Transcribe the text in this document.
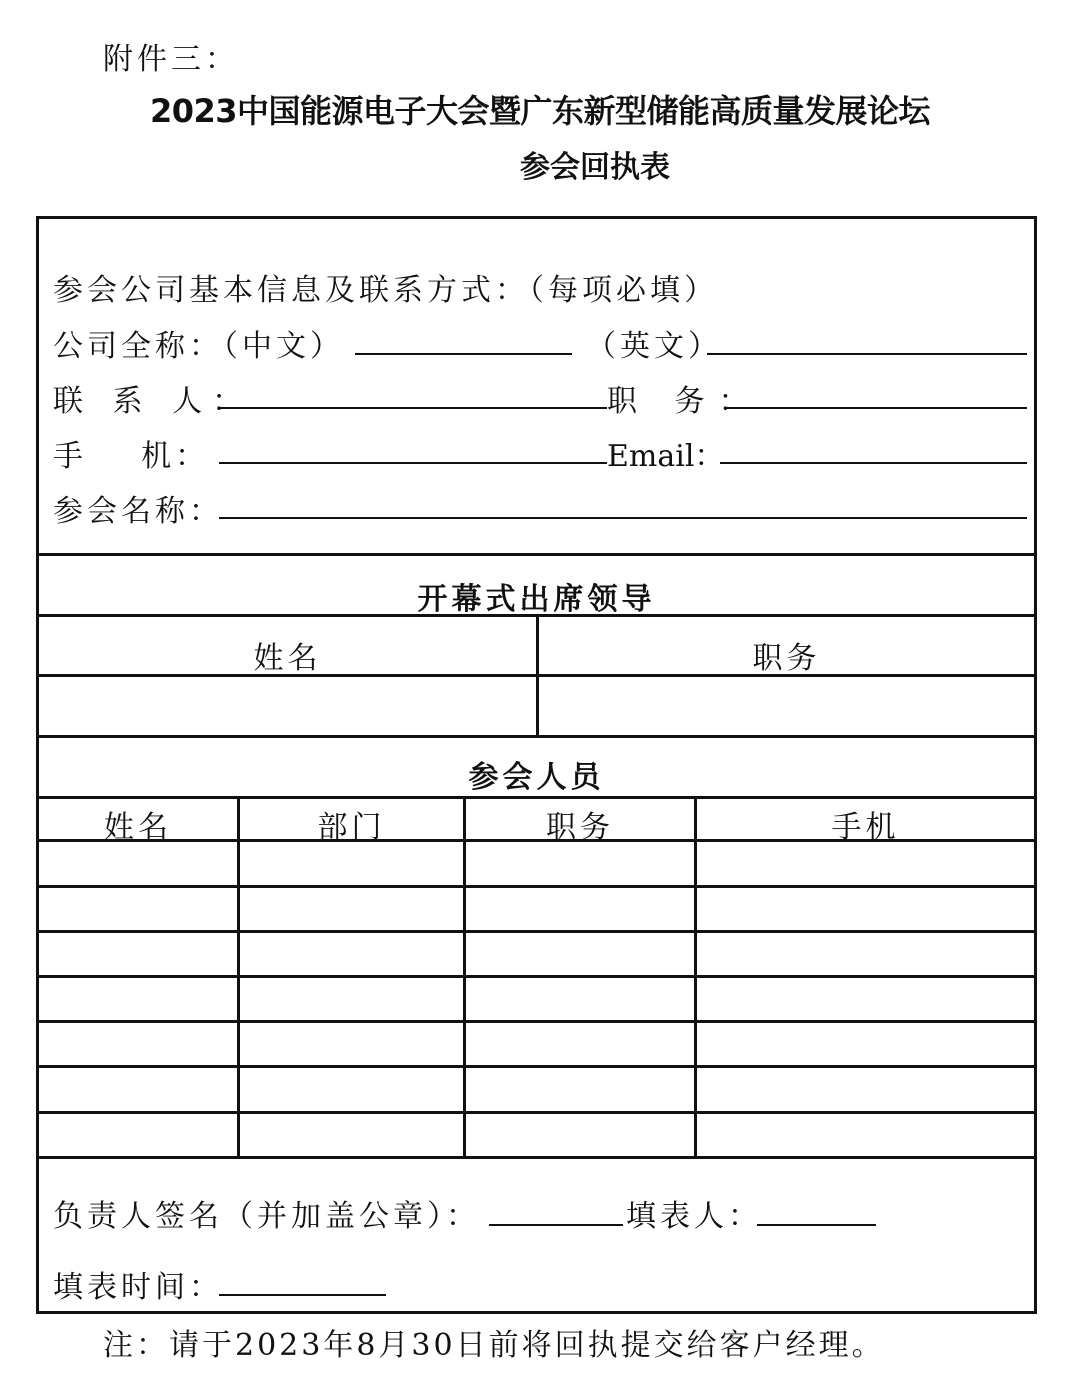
附件三：
2023中国能源电子大会暨广东新型储能高质量发展论坛
参会回执表
参会公司基本信息及联系方式：（每项必填）
公司全称：（中文）	（英文）
联 系 人：	职 务：
手    机：	Email：
参会名称：
开幕式出席领导
姓名	职务
参会人员
姓名	部门	职务	手机
负责人签名（并加盖公章）：	填表人：
填表时间：
注：请于2023年8月30日前将回执提交给客户经理。
